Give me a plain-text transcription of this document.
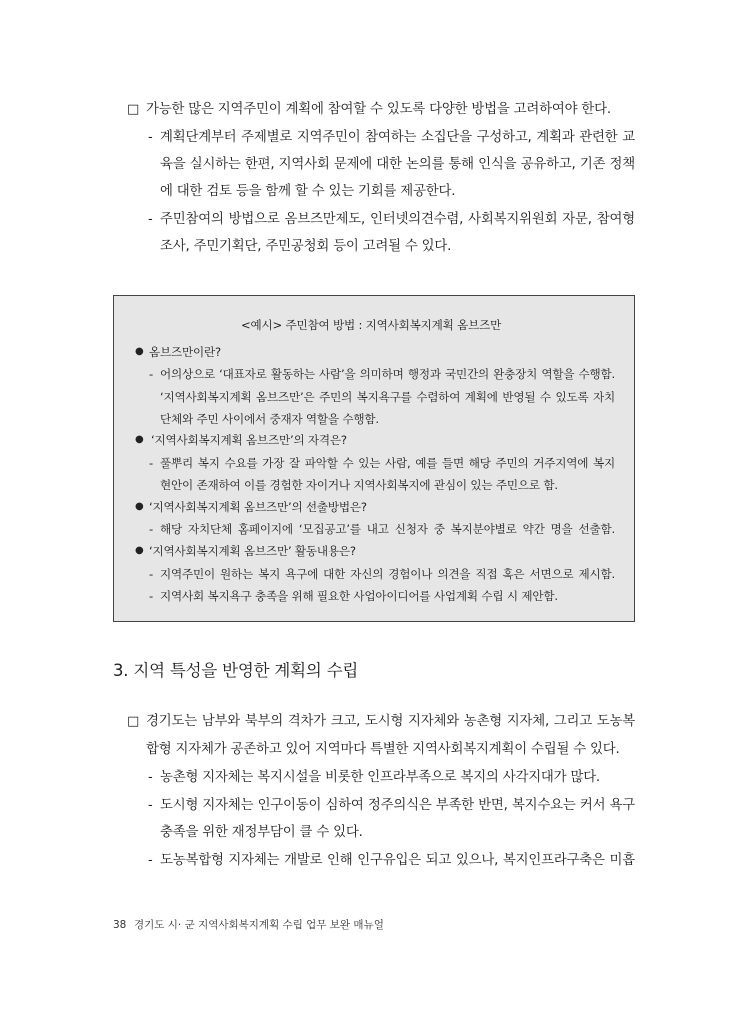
□ 가능한 많은 지역주민이 계획에 참여할 수 있도록 다양한 방법을 고려하여야 한다.
- 계획단계부터 주제별로 지역주민이 참여하는 소집단을 구성하고, 계획과 관련한 교
육을 실시하는 한편, 지역사회 문제에 대한 논의를 통해 인식을 공유하고, 기존 정책
에 대한 검토 등을 함께 할 수 있는 기회를 제공한다.
- 주민참여의 방법으로 옴브즈만제도, 인터넷의견수렴, 사회복지위원회 자문, 참여형
조사, 주민기획단, 주민공청회 등이 고려될 수 있다.
<예시> 주민참여 방법 : 지역사회복지계획 옴브즈만
● 옴브즈만이란?
- 어의상으로 ‘대표자로 활동하는 사람’을 의미하며 행정과 국민간의 완충장치 역할을 수행함.
‘지역사회복지계획 옴브즈만’은 주민의 복지욕구를 수렴하여 계획에 반영될 수 있도록 자치
단체와 주민 사이에서 중재자 역할을 수행함.
● ‘지역사회복지계획 옴브즈만’의 자격은?
- 풀뿌리 복지 수요를 가장 잘 파악할 수 있는 사람, 예를 들면 해당 주민의 거주지역에 복지
현안이 존재하여 이를 경험한 자이거나 지역사회복지에 관심이 있는 주민으로 함.
● ‘지역사회복지계획 옴브즈만’의 선출방법은?
- 해당 자치단체 홈페이지에 ‘모집공고’를 내고 신청자 중 복지분야별로 약간 명을 선출함.
● ‘지역사회복지계획 옴브즈만’ 활동내용은?
- 지역주민이 원하는 복지 욕구에 대한 자신의 경험이나 의견을 직접 혹은 서면으로 제시함.
- 지역사회 복지욕구 충족을 위해 필요한 사업아이디어를 사업계획 수립 시 제안함.
3. 지역 특성을 반영한 계획의 수립
□ 경기도는 남부와 북부의 격차가 크고, 도시형 지자체와 농촌형 지자체, 그리고 도농복
합형 지자체가 공존하고 있어 지역마다 특별한 지역사회복지계획이 수립될 수 있다.
- 농촌형 지자체는 복지시설을 비롯한 인프라부족으로 복지의 사각지대가 많다.
- 도시형 지자체는 인구이동이 심하여 정주의식은 부족한 반면, 복지수요는 커서 욕구
충족을 위한 재정부담이 클 수 있다.
- 도농복합형 지자체는 개발로 인해 인구유입은 되고 있으나, 복지인프라구축은 미흡
38 경기도 시· 군 지역사회복지계획 수립 업무 보완 매뉴얼
